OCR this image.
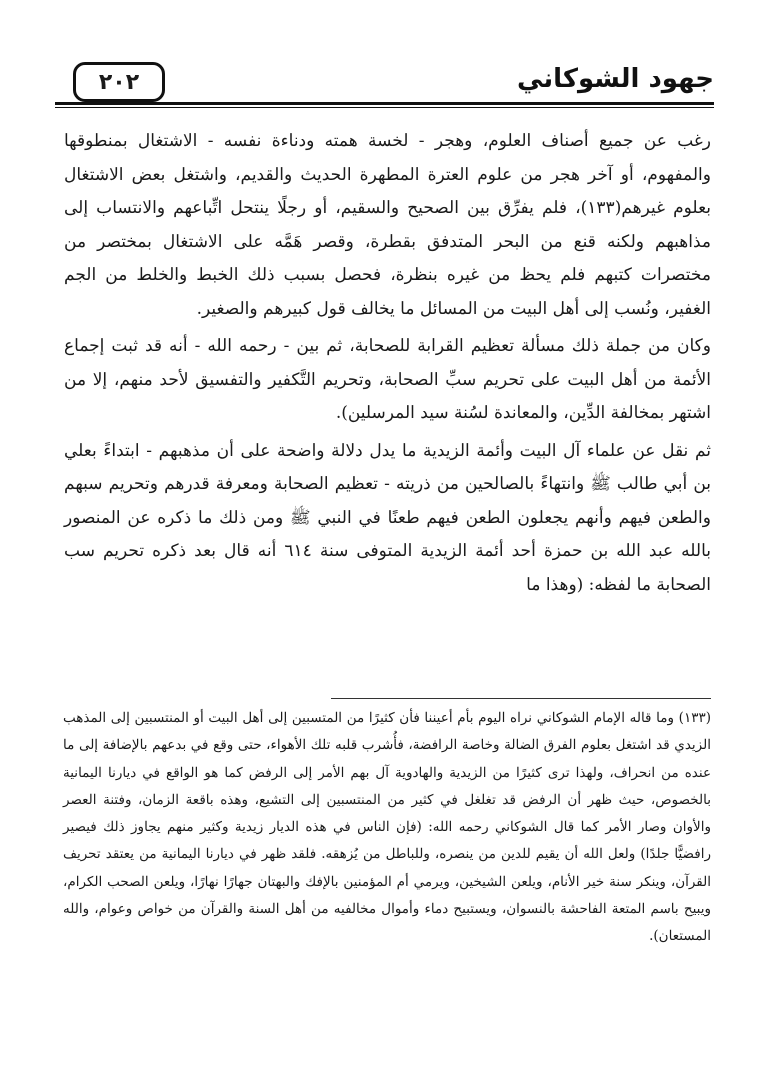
جهود الشوكاني
٢٠٢

رغب عن جميع أصناف العلوم، وهجر - لخسة همته ودناءة نفسه - الاشتغال بمنطوقها والمفهوم، أو آخر هجر من علوم العترة المطهرة الحديث والقديم، واشتغل بعض الاشتغال بعلوم غيرهم(١٣٣)، فلم يفرِّق بين الصحيح والسقيم، أو رجلًا ينتحل اتِّباعهم والانتساب إلى مذاهبهم ولكنه قنع من البحر المتدفق بقطرة، وقصر هَمَّه على الاشتغال بمختصر من مختصرات كتبهم فلم يحظ من غيره بنظرة، فحصل بسبب ذلك الخبط والخلط من الجم الغفير، ونُسب إلى أهل البيت من المسائل ما يخالف قول كبيرهم والصغير.

وكان من جملة ذلك مسألة تعظيم القرابة للصحابة، ثم بين - رحمه الله - أنه قد ثبت إجماع الأئمة من أهل البيت على تحريم سبِّ الصحابة، وتحريم التَّكفير والتفسيق لأحد منهم، إلا من اشتهر بمخالفة الدِّين، والمعاندة لسُنة سيد المرسلين).

ثم نقل عن علماء آل البيت وأئمة الزيدية ما يدل دلالة واضحة على أن مذهبهم - ابتداءً بعلي بن أبي طالب ﷺ وانتهاءً بالصالحين من ذريته - تعظيم الصحابة ومعرفة قدرهم وتحريم سبهم والطعن فيهم وأنهم يجعلون الطعن فيهم طعنًا في النبي ﷺ ومن ذلك ما ذكره عن المنصور بالله عبد الله بن حمزة أحد أئمة الزيدية المتوفى سنة ٦١٤ أنه قال بعد ذكره تحريم سب الصحابة ما لفظه: (وهذا ما

(١٣٣) وما قاله الإمام الشوكاني نراه اليوم بأم أعيننا فأن كثيرًا من المتسبين إلى أهل البيت أو المنتسبين إلى المذهب الزيدي قد اشتغل بعلوم الفرق الضالة وخاصة الرافضة، فأُشرب قلبه تلك الأهواء، حتى وقع في بدعهم بالإضافة إلى ما عنده من انحراف، ولهذا ترى كثيرًا من الزيدية والهادوية آل بهم الأمر إلى الرفض كما هو الواقع في ديارنا اليمانية بالخصوص، حيث ظهر أن الرفض قد تغلغل في كثير من المنتسبين إلى التشيع، وهذه باقعة الزمان، وفتنة العصر والأوان وصار الأمر كما قال الشوكاني رحمه الله: (فإن الناس في هذه الديار زيدية وكثير منهم يجاوز ذلك فيصير رافضيًّا جلدًا) ولعل الله أن يقيم للدين من ينصره، وللباطل من يُزهقه. فلقد ظهر في ديارنا اليمانية من يعتقد تحريف القرآن، وينكر سنة خير الأنام، ويلعن الشيخين، ويرمي أم المؤمنين بالإفك والبهتان جهارًا نهارًا، ويلعن الصحب الكرام، ويبيح باسم المتعة الفاحشة بالنسوان، ويستبيح دماء وأموال مخالفيه من أهل السنة والقرآن من خواص وعوام، والله المستعان).
